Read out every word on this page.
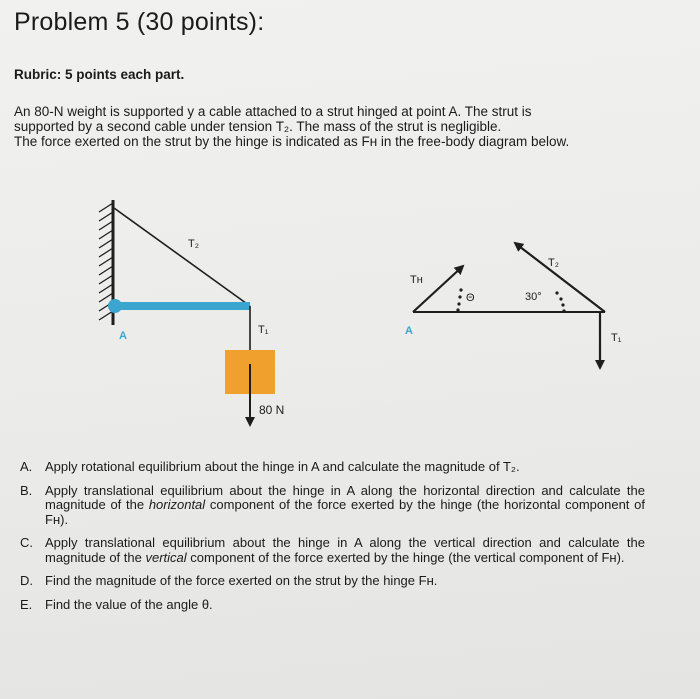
Problem 5 (30 points):
Rubric: 5 points each part.

An 80-N weight is supported y a cable attached to a strut hinged at point A. The strut is

supported by a second cable under tension T₂. The mass of the strut is negligible.

The force exerted on the strut by the hinge is indicated as Fʜ in the free-body diagram below.

T₂
T₁
A
80 N
Tʜ
Θ	30°
T₂
T₁
A
A. Apply rotational equilibrium about the hinge in A and calculate the magnitude of T₂.
B. Apply translational equilibrium about the hinge in A along the horizontal direction and calculate the magnitude of the horizontal component of the force exerted by the hinge (the horizontal component of Fʜ).
C. Apply translational equilibrium about the hinge in A along the vertical direction and calculate the magnitude of the vertical component of the force exerted by the hinge (the vertical component of Fʜ).
D. Find the magnitude of the force exerted on the strut by the hinge Fʜ.
E. Find the value of the angle θ.
